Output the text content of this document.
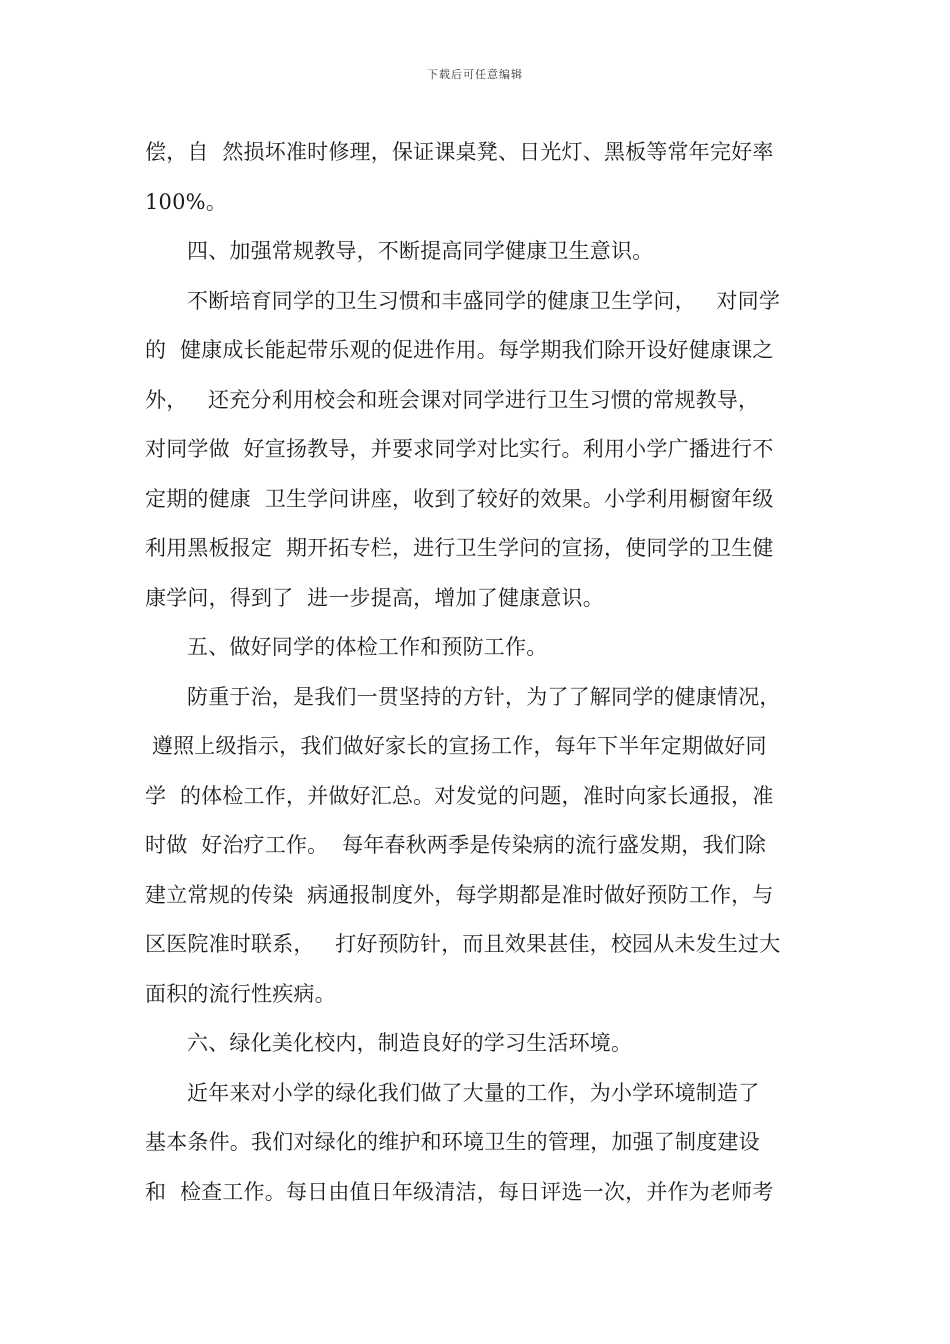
下载后可任意编辑
偿，自  然损坏准时修理，保证课桌凳、日光灯、黑板等常年完好率
100%。
四、加强常规教导，不断提高同学健康卫生意识。
不断培育同学的卫生习惯和丰盛同学的健康卫生学问，   对同学
的  健康成长能起带乐观的促进作用。每学期我们除开设好健康课之
外，   还充分利用校会和班会课对同学进行卫生习惯的常规教导，
对同学做  好宣扬教导，并要求同学对比实行。利用小学广播进行不
定期的健康  卫生学问讲座，收到了较好的效果。小学利用橱窗年级
利用黑板报定  期开拓专栏，进行卫生学问的宣扬，使同学的卫生健
康学问，得到了  进一步提高，增加了健康意识。
五、做好同学的体检工作和预防工作。
防重于治，是我们一贯坚持的方针，为了了解同学的健康情况，
遵照上级指示，我们做好家长的宣扬工作，每年下半年定期做好同
学  的体检工作，并做好汇总。对发觉的问题，准时向家长通报，准
时做  好治疗工作。  每年春秋两季是传染病的流行盛发期，我们除
建立常规的传染  病通报制度外，每学期都是准时做好预防工作，与
区医院准时联系，   打好预防针，而且效果甚佳，校园从未发生过大
面积的流行性疾病。
六、绿化美化校内，制造良好的学习生活环境。
近年来对小学的绿化我们做了大量的工作，为小学环境制造了
基本条件。我们对绿化的维护和环境卫生的管理，加强了制度建设
和  检查工作。每日由值日年级清洁，每日评选一次，并作为老师考
